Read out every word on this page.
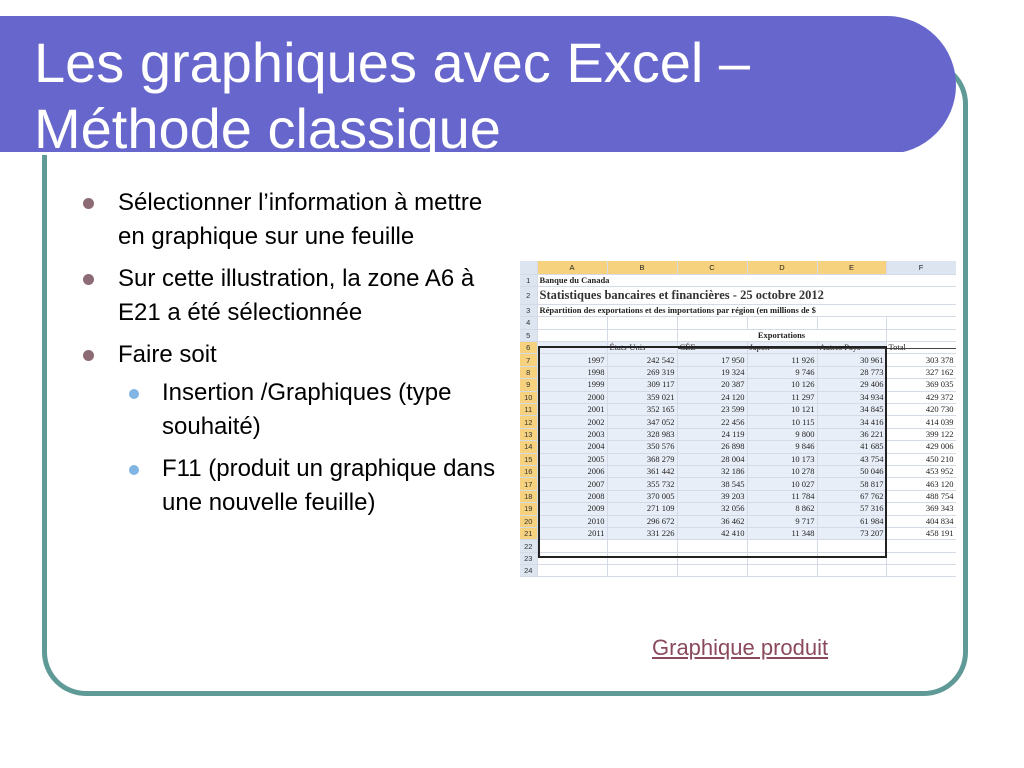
Les graphiques avec Excel –
Méthode classique
Sélectionner l’information à mettre en graphique sur une feuille
Sur cette illustration, la zone A6 à E21 a été sélectionnée
Faire soit
Insertion /Graphiques (type souhaité)
F11 (produit un graphique dans une nouvelle feuille)
	A	B	C	D	E	F
1	Banque du Canada					
2	Statistiques bancaires et financières - 25 octobre 2012					
3	Répartition des exportations et des importations par région (en millions de $					
4						
5			Exportations			
6		États-Unis	CÉE	Japon	Autres Pays	Total
7	1997	242 542	17 950	11 926	30 961	303 378
8	1998	269 319	19 324	9 746	28 773	327 162
9	1999	309 117	20 387	10 126	29 406	369 035
10	2000	359 021	24 120	11 297	34 934	429 372
11	2001	352 165	23 599	10 121	34 845	420 730
12	2002	347 052	22 456	10 115	34 416	414 039
13	2003	328 983	24 119	9 800	36 221	399 122
14	2004	350 576	26 898	9 846	41 685	429 006
15	2005	368 279	28 004	10 173	43 754	450 210
16	2006	361 442	32 186	10 278	50 046	453 952
17	2007	355 732	38 545	10 027	58 817	463 120
18	2008	370 005	39 203	11 784	67 762	488 754
19	2009	271 109	32 056	8 862	57 316	369 343
20	2010	296 672	36 462	9 717	61 984	404 834
21	2011	331 226	42 410	11 348	73 207	458 191
22						
23						
24						
Graphique produit
